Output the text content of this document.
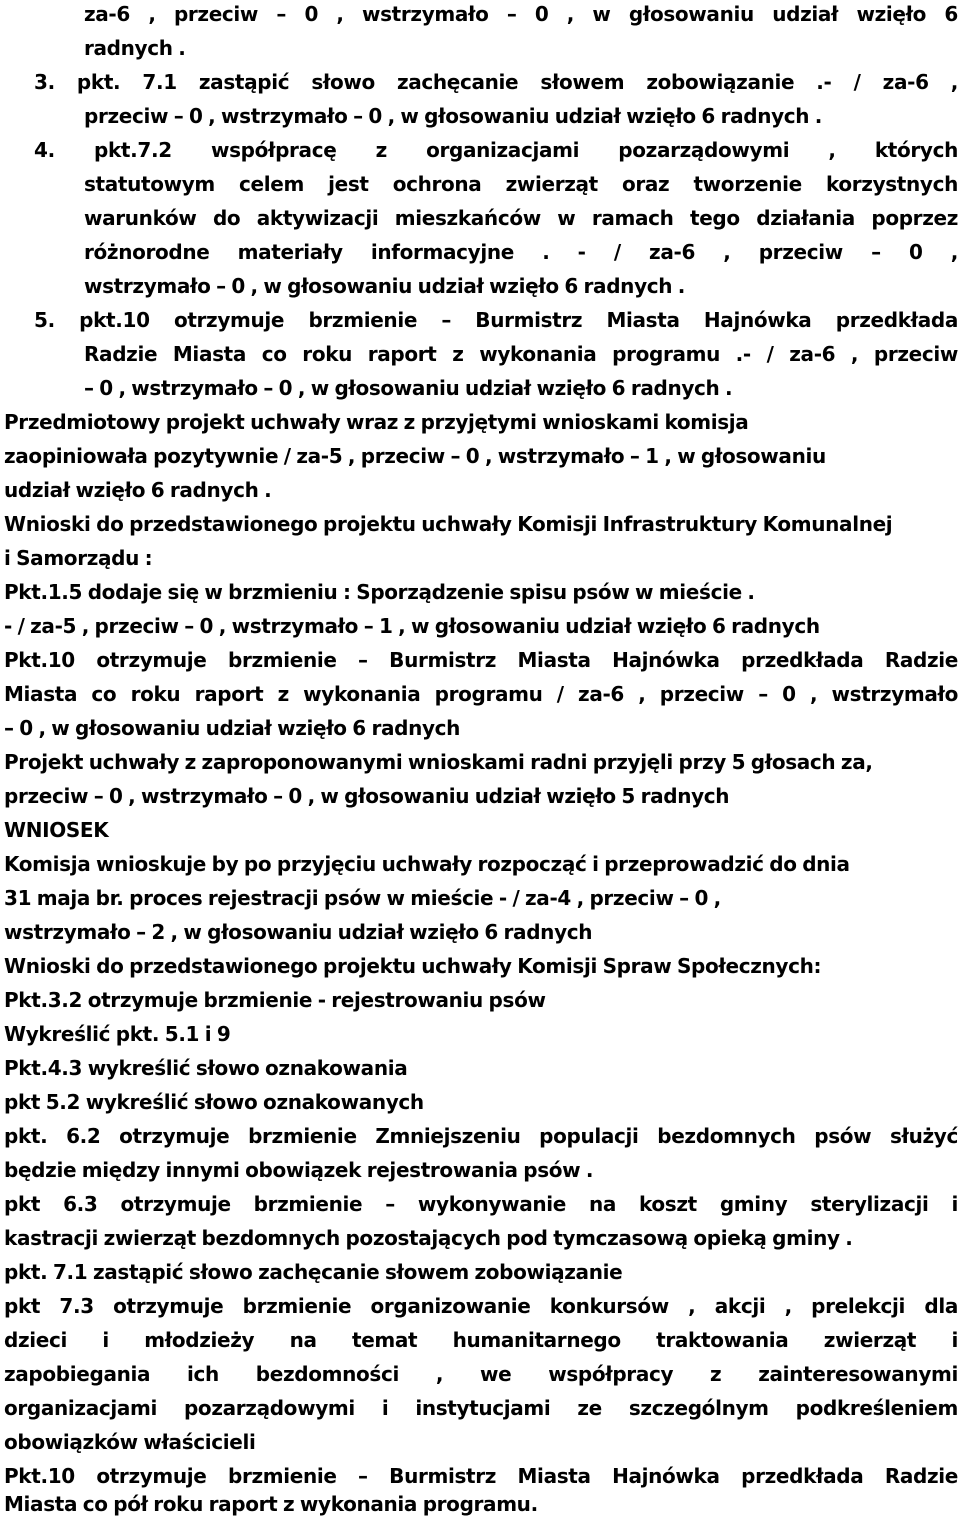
za-6 , przeciw – 0 , wstrzymało – 0 , w głosowaniu udział wzięło 6
radnych .
3. pkt. 7.1 zastąpić słowo zachęcanie słowem zobowiązanie .- / za-6 ,
przeciw – 0 , wstrzymało – 0 , w głosowaniu udział wzięło 6 radnych .
4. pkt.7.2 współpracę z organizacjami pozarządowymi , których
statutowym celem jest ochrona zwierząt oraz tworzenie korzystnych
warunków do aktywizacji mieszkańców w ramach tego działania poprzez
różnorodne materiały informacyjne . - / za-6 , przeciw – 0 ,
wstrzymało – 0 , w głosowaniu udział wzięło 6 radnych .
5. pkt.10 otrzymuje brzmienie – Burmistrz Miasta Hajnówka przedkłada
Radzie Miasta co roku raport z wykonania programu .- / za-6 , przeciw
– 0 , wstrzymało – 0 , w głosowaniu udział wzięło 6 radnych .
Przedmiotowy projekt uchwały wraz z przyjętymi wnioskami komisja
zaopiniowała pozytywnie / za-5 , przeciw – 0 , wstrzymało – 1 , w głosowaniu
udział wzięło 6 radnych .
Wnioski do przedstawionego projektu uchwały Komisji Infrastruktury Komunalnej
i Samorządu :
Pkt.1.5 dodaje się w brzmieniu : Sporządzenie spisu psów w mieście .
- / za-5 , przeciw – 0 , wstrzymało – 1 , w głosowaniu udział wzięło 6 radnych
Pkt.10 otrzymuje brzmienie – Burmistrz Miasta Hajnówka przedkłada Radzie
Miasta co roku raport z wykonania programu / za-6 , przeciw – 0 , wstrzymało
– 0 , w głosowaniu udział wzięło 6 radnych
Projekt uchwały z zaproponowanymi wnioskami radni przyjęli przy 5 głosach za,
przeciw – 0 , wstrzymało – 0 , w głosowaniu udział wzięło 5 radnych
WNIOSEK
Komisja wnioskuje by po przyjęciu uchwały rozpocząć i przeprowadzić do dnia
31 maja br. proces rejestracji psów w mieście - / za-4 , przeciw – 0 ,
wstrzymało – 2 , w głosowaniu udział wzięło 6 radnych
Wnioski do przedstawionego projektu uchwały Komisji Spraw Społecznych:
Pkt.3.2 otrzymuje brzmienie - rejestrowaniu psów
Wykreślić pkt. 5.1 i 9
Pkt.4.3 wykreślić słowo oznakowania
pkt 5.2 wykreślić słowo oznakowanych
pkt. 6.2 otrzymuje brzmienie Zmniejszeniu populacji bezdomnych psów służyć
będzie między innymi obowiązek rejestrowania psów .
pkt 6.3 otrzymuje brzmienie – wykonywanie na koszt gminy sterylizacji i
kastracji zwierząt bezdomnych pozostających pod tymczasową opieką gminy .
pkt. 7.1 zastąpić słowo zachęcanie słowem zobowiązanie
pkt 7.3 otrzymuje brzmienie organizowanie konkursów , akcji , prelekcji dla
dzieci i młodzieży na temat humanitarnego traktowania zwierząt i
zapobiegania ich bezdomności , we współpracy z zainteresowanymi
organizacjami pozarządowymi i instytucjami ze szczególnym podkreśleniem
obowiązków właścicieli
Pkt.10 otrzymuje brzmienie – Burmistrz Miasta Hajnówka przedkłada Radzie
Miasta co pół roku raport z wykonania programu.
